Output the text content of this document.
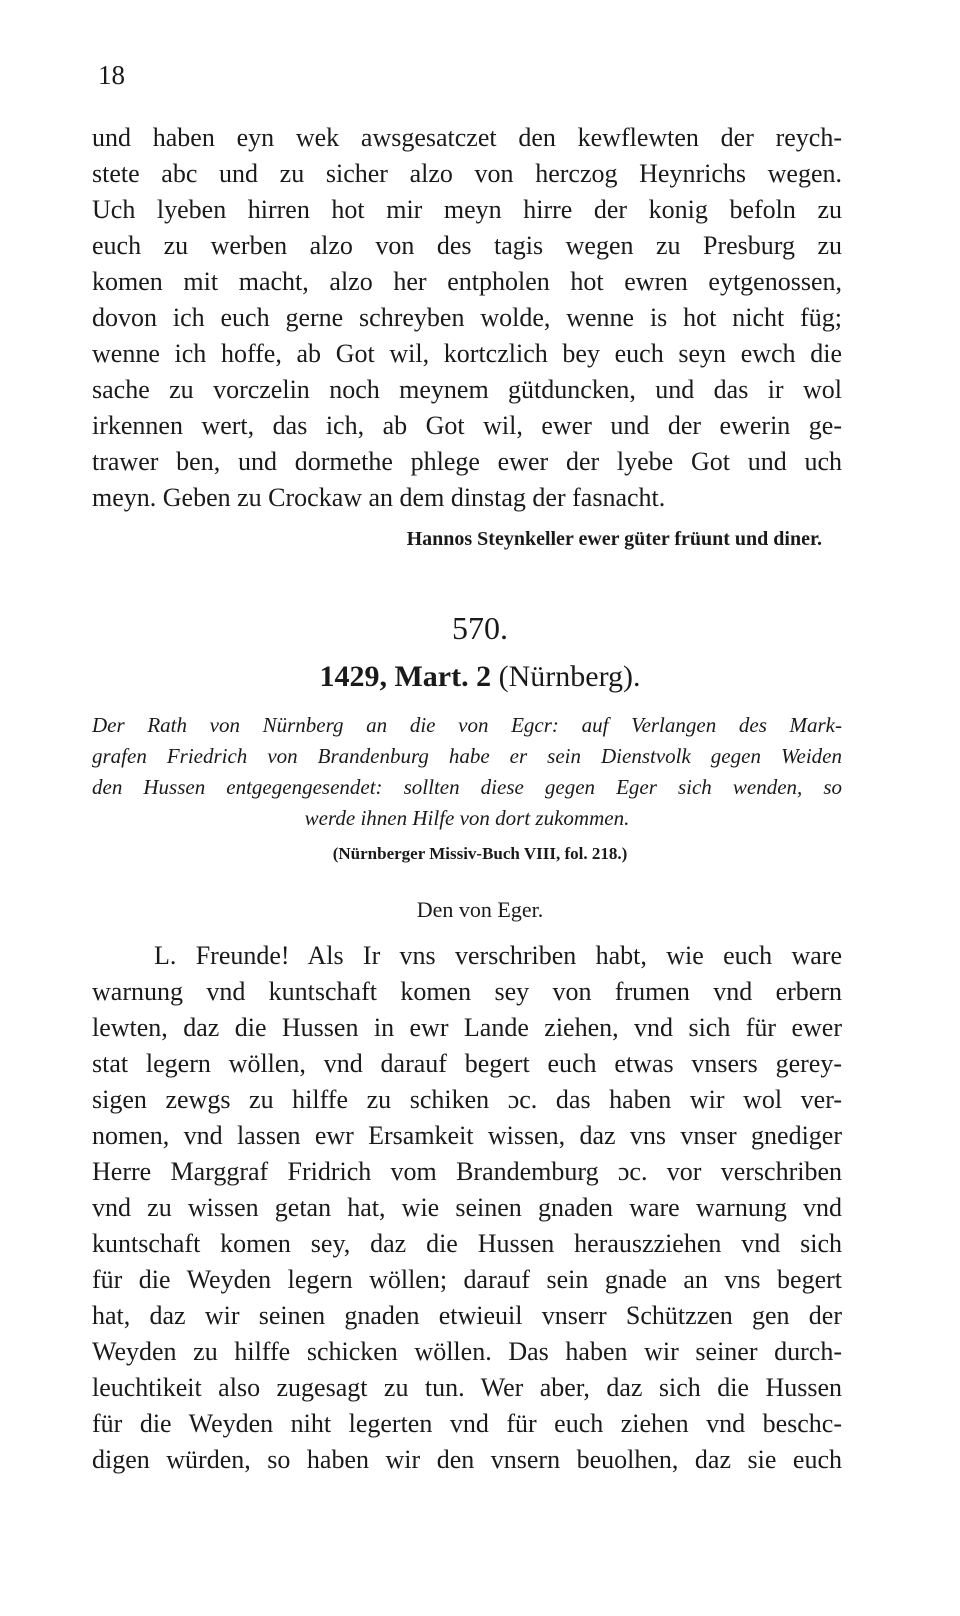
18
und haben eyn wek awsgesatczet den kewflewten der reych-
stete abc und zu sicher alzo von herczog Heynrichs wegen.
Uch lyeben hirren hot mir meyn hirre der konig befoln zu
euch zu werben alzo von des tagis wegen zu Presburg zu
komen mit macht, alzo her entpholen hot ewren eytgenossen,
dovon ich euch gerne schreyben wolde, wenne is hot nicht füg;
wenne ich hoffe, ab Got wil, kortczlich bey euch seyn ewch die
sache zu vorczelin noch meynem gütduncken, und das ir wol
irkennen wert, das ich, ab Got wil, ewer und der ewerin ge-
trawer ben, und dormethe phlege ewer der lyebe Got und uch
meyn. Geben zu Crockaw an dem dinstag der fasnacht.
Hannos Steynkeller ewer güter früunt und diner.
570.
1429, Mart. 2 (Nürnberg).
Der Rath von Nürnberg an die von Egcr: auf Verlangen des Mark-
grafen Friedrich von Brandenburg habe er sein Dienstvolk gegen Weiden
den Hussen entgegengesendet: sollten diese gegen Eger sich wenden, so
werde ihnen Hilfe von dort zukommen.
(Nürnberger Missiv-Buch VIII, fol. 218.)
Den von Eger.
L. Freunde! Als Ir vns verschriben habt, wie euch ware
warnung vnd kuntschaft komen sey von frumen vnd erbern
lewten, daz die Hussen in ewr Lande ziehen, vnd sich für ewer
stat legern wöllen, vnd darauf begert euch etwas vnsers gerey-
sigen zewgs zu hilffe zu schiken ɔc. das haben wir wol ver-
nomen, vnd lassen ewr Ersamkeit wissen, daz vns vnser gnediger
Herre Marggraf Fridrich vom Brandemburg ɔc. vor verschriben
vnd zu wissen getan hat, wie seinen gnaden ware warnung vnd
kuntschaft komen sey, daz die Hussen herauszziehen vnd sich
für die Weyden legern wöllen; darauf sein gnade an vns begert
hat, daz wir seinen gnaden etwieuil vnserr Schützzen gen der
Weyden zu hilffe schicken wöllen. Das haben wir seiner durch-
leuchtikeit also zugesagt zu tun. Wer aber, daz sich die Hussen
für die Weyden niht legerten vnd für euch ziehen vnd beschc-
digen würden, so haben wir den vnsern beuolhen, daz sie euch
